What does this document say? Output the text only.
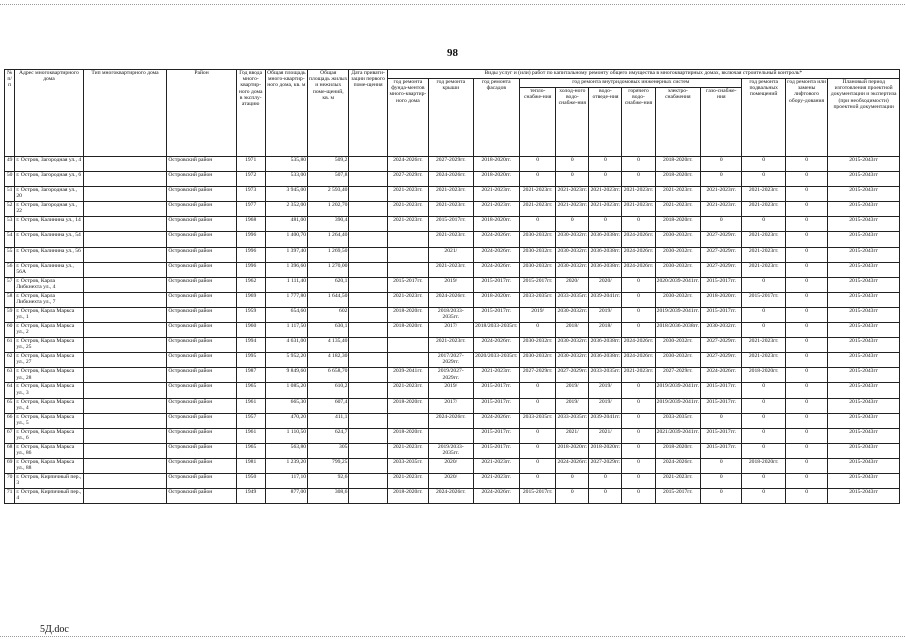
98
№ п/п	Адрес многоквартирного дома	Тип многоквартирного дома	Район	Год ввода много-квартир-ного дома в эксплу-атацию	Общая площадь много-квартир-ного дома, кв. м	Общая площадь жилых и нежилых поме-щений, кв. м	Дата привати-зации первого поме-щения	Виды услуг и (или) работ по капитальному ремонту общего имущества в многоквартирных домах, включая строительный контроль*											
								год ремонта фунда-ментов много-квартир-ного дома	год ремонта крыши	год ремонта фасадов	год ремонта внутридомовых инженерных систем						год ремонта подвальных помещений	год ремонта или замены лифтового обору-дования	Плановый период изготовления проектной документации и экспертиза (при необходимости) проектной документации
											тепло-снабже-ния	холод-ного водо-снабже-ния	водо-отведе-ния	горячего водо-снабже-ния	электро-снабжения	газо-снабже-ния			
49	г. Остров, Загородная ул., 4		Островский район	1971	535,80	509,2		2024-2026гг.	2027-2029гг.	2018-2020гг.	0	0	0	0	2018-2020гг.	0	0	0	2015-2043гг
50	г. Остров, Загородная ул., 6		Островский район	1972	533,00	507,8		2027-2029гг.	2024-2026гг.	2018-2020гг.	0	0	0	0	2018-2020гг.	0	0	0	2015-2043гг
51	г. Остров, Загородная ул., 20		Островский район	1973	3 945,00	2 593,40		2021-2023гг.	2021-2023гг.	2021-2023гг.	2021-2023гг.	2021-2023гг.	2021-2023гг.	2021-2023гг.	2021-2023гг.	2021-2023гг.	2021-2023гг.	0	2015-2043гг
52	г. Остров, Загородная ул., 22		Островский район	1977	2 352,00	1 202,70		2021-2023гг.	2021-2023гг.	2021-2023гг.	2021-2023гг.	2021-2023гг.	2021-2023гг.	2021-2023гг.	2021-2023гг.	2021-2023гг.	2021-2023гг.	0	2015-2043гг
53	г. Остров, Калинина ул., 14		Островский район	1968	481,00	390,4		2021-2023гг.	2015-2017гг.	2018-2020гг.	0	0	0	0	2018-2020гг.	0	0	0	2015-2043гг
54	г. Остров, Калинина ул., 54		Островский район	1996	1 400,70	1 264,40			2021-2023гг.	2024-2026гг.	2030-2032гг.	2030-2032гг.	2036-2038гг.	2024-2026гг.	2030-2032гг.	2027-2029гг.	2021-2023гг.	0	2015-2043гг
55	г. Остров, Калинина ул., 56		Островский район	1996	1 397,40	1 269,50			2021/	2024-2026гг.	2030-2032гг.	2030-2032гг.	2036-2038гг.	2024-2026гг.	2030-2032гг.	2027-2029гг.	2021-2023гг.	0	2015-2043гг
56	г. Остров, Калинина ул., 56А		Островский район	1996	1 396,60	1 270,00			2021-2023гг.	2024-2026гг.	2030-2032гг.	2030-2032гг.	2036-2038гг.	2024-2026гг.	2030-2032гг.	2027-2029гг.	2021-2023гг.	0	2015-2043гг
57	г. Остров, Карла Либкнехта ул., 4		Островский район	1962	1 111,40	620,1		2015-2017гг.	2019/	2015-2017гг.	2015-2017гг.	2020/	2020/	0	2020/2039-2041гг.	2015-2017гг.	0	0	2015-2043гг
58	г. Остров, Карла Либкнехта ул., 7		Островский район	1969	1 777,80	1 644,50		2021-2023гг.	2024-2026гг.	2018-2020гг.	2033-2035гг.	2033-2035гг.	2039-2041гг.	0	2030-2032гг.	2018-2020гг.	2015-2017гг.	0	2015-2043гг
59	г. Остров, Карла Маркса ул., 1		Островский район	1959	654,60	602		2018-2020гг.	2018/2033-2035гг.	2015-2017гг.	2019/	2030-2032гг.	2019/	0	2019/2039-2041гг.	2015-2017гг.	0	0	2015-2043гг
60	г. Остров, Карла Маркса ул., 2		Островский район	1960	1 117,50	630,1		2018-2020гг.	2017/	2018/2033-2035гг.	0	2018/	2018/	0	2018/2036-2038гг.	2030-2032гг.	0	0	2015-2043гг
61	г. Остров, Карла Маркса ул., 25		Островский район	1994	4 631,00	4 135,40			2021-2023гг.	2024-2026гг.	2030-2032гг.	2030-2032гг.	2036-2038гг.	2024-2026гг.	2030-2032гг.	2027-2029гг.	2021-2023гг.	0	2015-2043гг
62	г. Остров, Карла Маркса ул., 27		Островский район	1995	5 952,20	4 182,30			2017/2027-2029гг.	2020/2033-2035гг.	2030-2032гг.	2030-2032гг.	2036-2038гг.	2024-2026гг.	2030-2032гг.	2027-2029гг.	2021-2023гг.	0	2015-2043гг
63	г. Остров, Карла Маркса ул., 28		Островский район	1987	9 849,60	6 658,70		2039-2041гг.	2019/2027-2029гг.	2021-2023гг.	2027-2029гг.	2027-2029гг.	2033-2035гг.	2021-2023гг.	2027-2029гг.	2024-2026гг.	2018-2020гг.	0	2015-2043гг
64	г. Остров, Карла Маркса ул., 3		Островский район	1965	1 085,20	610,2		2021-2023гг.	2019/	2015-2017гг.	0	2019/	2019/	0	2019/2039-2041гг.	2015-2017гг.	0	0	2015-2043гг
65	г. Остров, Карла Маркса ул., 4		Островский район	1961	665,30	607,4		2018-2020гг.	2017/	2015-2017гг.	0	2019/	2019/	0	2019/2039-2041гг.	2015-2017гг.	0	0	2015-2043гг
66	г. Остров, Карла Маркса ул., 5		Островский район	1957	470,20	411,1			2024-2026гг.	2024-2026гг.	2033-2035гг.	2033-2035гг.	2039-2041гг.	0	2033-2035гг.	0	0	0	2015-2043гг
67	г. Остров, Карла Маркса ул., 6		Островский район	1961	1 110,50	624,7		2018-2020гг.		2015-2017гг.	0	2021/	2021/	0	2021/2039-2041гг.	2015-2017гг.	0	0	2015-2043гг
68	г. Остров, Карла Маркса ул., 86		Островский район	1965	563,80	305		2021-2023гг.	2019/2033-2035гг.	2015-2017гг.	0	2018-2020гг.	2018-2020гг.	0	2018-2020гг.	2015-2017гг.	0	0	2015-2043гг
69	г. Остров, Карла Маркса ул., 88		Островский район	1981	1 239,20	799,25		2033-2035гг.	2020/	2021-2023гг.	0	2024-2026гг.	2027-2029гг.	0	2024-2026гг.	0	2018-2020гг.	0	2015-2043гг
70	г. Остров, Кирпичный пер., 3		Островский район	1950	117,10	92,6		2021-2023гг.	2020/	2021-2023гг.	0	0	0	0	2021-2023гг.	0	0	0	2015-2043гг
71	г. Остров, Кирпичный пер., 4		Островский район	1949	877,00	308,6		2018-2020гг.	2024-2026гг.	2024-2026гг.	2015-2017гг.	0	0	0	2015-2017гг.	0	0	0	2015-2043гг
5Д.doc
